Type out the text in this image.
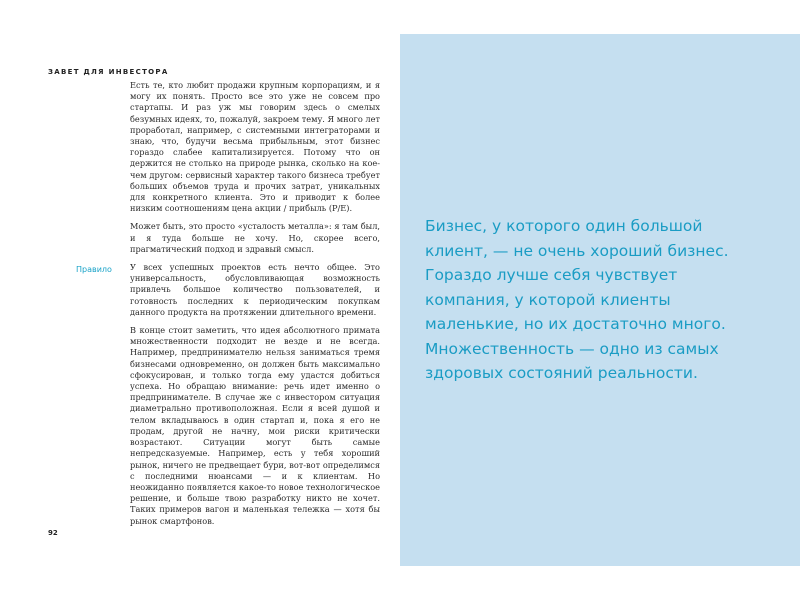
ЗАВЕТ ДЛЯ ИНВЕСТОРА
Правило

Есть те, кто любит продажи крупным корпорациям, и я могу их понять. Просто все это уже не совсем про стартапы. И раз уж мы говорим здесь о смелых безумных идеях, то, пожалуй, закроем тему. Я много лет проработал, например, с системными интеграторами и знаю, что, будучи весьма прибыльным, этот бизнес гораздо слабее капитализируется. Потому что он держится не столько на природе рынка, сколько на кое-чем другом: сервисный характер такого бизнеса требует больших объемов труда и прочих затрат, уникальных для конкретного клиента. Это и приводит к более низким соотношениям цена акции / прибыль (P/E).

Может быть, это просто «усталость металла»: я там был, и я туда больше не хочу. Но, скорее всего, прагматический подход и здравый смысл.

У всех успешных проектов есть нечто общее. Это универсальность, обусловливающая возможность привлечь большое количество пользователей, и готовность последних к периодическим покупкам данного продукта на протяжении длительного времени.

В конце стоит заметить, что идея абсолютного примата множественности подходит не везде и не всегда. Например, предпринимателю нельзя заниматься тремя бизнесами одновременно, он должен быть максимально сфокусирован, и только тогда ему удастся добиться успеха. Но обращаю внимание: речь идет именно о предпринимателе. В случае же с инвестором ситуация диаметрально противоположная. Если я всей душой и телом вкладываюсь в один стартап и, пока я его не продам, другой не начну, мои риски критически возрастают. Ситуации могут быть самые непредсказуемые. Например, есть у тебя хороший рынок, ничего не предвещает бури, вот-вот определимся с последними нюансами — и к клиентам. Но неожиданно появляется какое-то новое технологическое решение, и больше твою разработку никто не хочет. Таких примеров вагон и маленькая тележка — хотя бы рынок смартфонов.

92

Бизнес, у которого один большой клиент, — не очень хороший бизнес. Гораздо лучше себя чувствует компания, у которой клиенты маленькие, но их достаточно много. Множественность — одно из самых здоровых состояний реальности.
